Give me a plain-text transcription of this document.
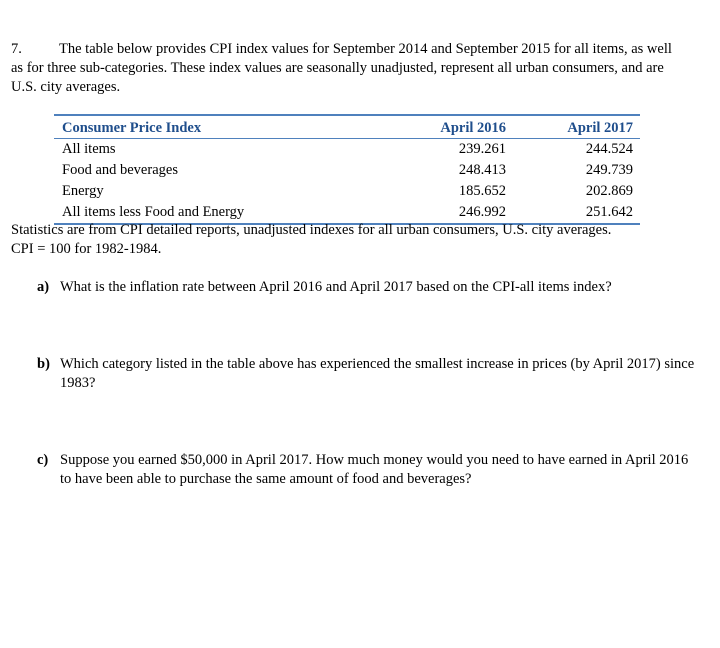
7.	The table below provides CPI index values for September 2014 and September 2015 for all items, as well as for three sub-categories. These index values are seasonally unadjusted, represent all urban consumers, and are U.S. city averages.
Consumer Price Index	April 2016	April 2017
All items	239.261	244.524
Food and beverages	248.413	249.739
Energy	185.652	202.869
All items less Food and Energy	246.992	251.642
Statistics are from CPI detailed reports, unadjusted indexes for all urban consumers, U.S. city averages.
CPI = 100 for 1982-1984.
a) What is the inflation rate between April 2016 and April 2017 based on the CPI-all items index?
b) Which category listed in the table above has experienced the smallest increase in prices (by April 2017) since 1983?
c) Suppose you earned $50,000 in April 2017. How much money would you need to have earned in April 2016 to have been able to purchase the same amount of food and beverages?
